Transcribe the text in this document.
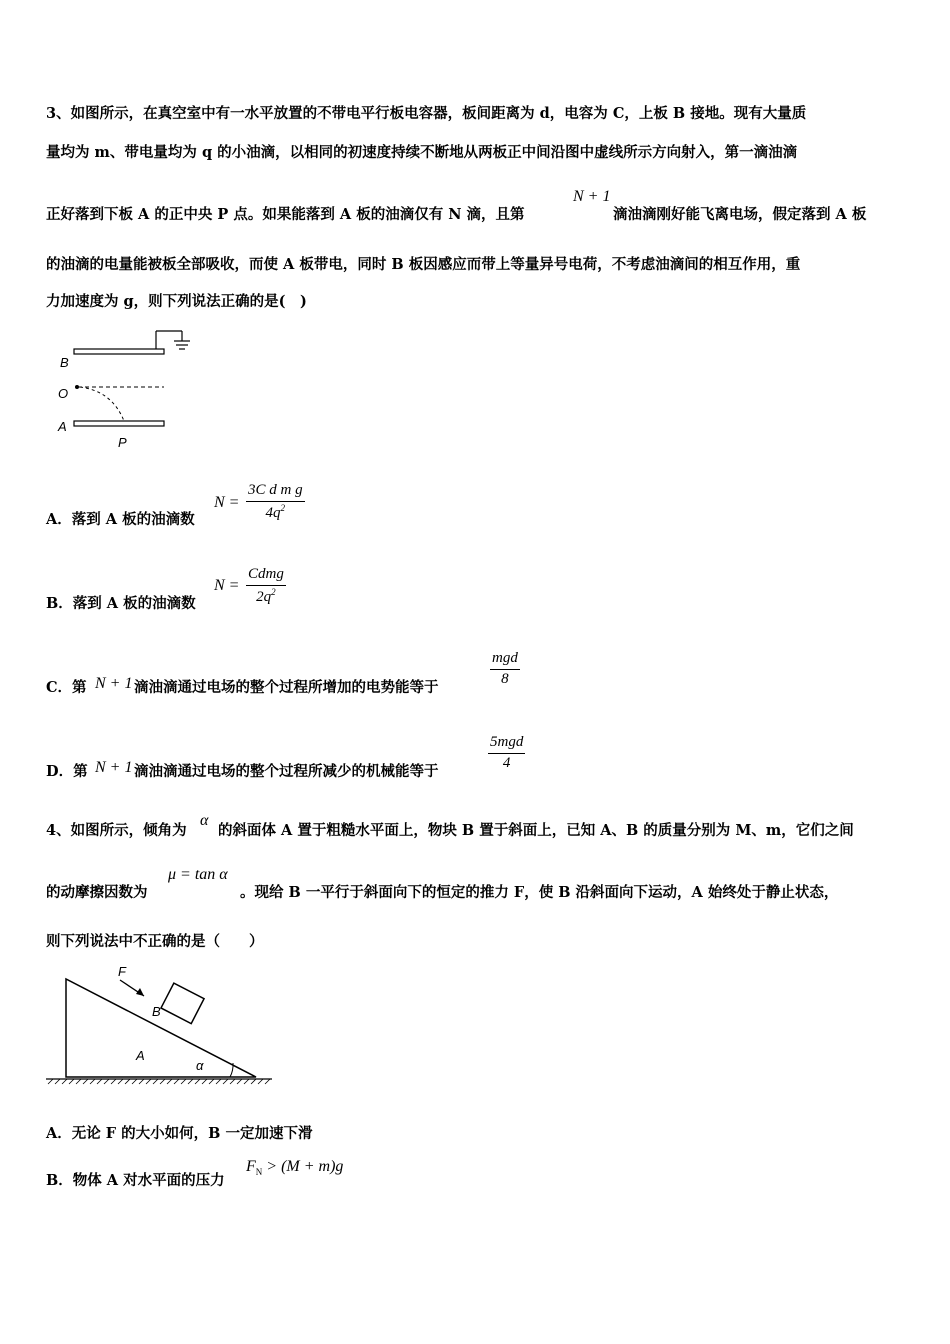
3、如图所示，在真空室中有一水平放置的不带电平行板电容器，板间距离为 d，电容为 C，上板 B 接地。现有大量质
量均为 m、带电量均为 q 的小油滴，以相同的初速度持续不断地从两板正中间沿图中虚线所示方向射入，第一滴油滴
正好落到下板 A 的正中央 P 点。如果能落到 A 板的油滴仅有 N 滴，且第
N + 1
滴油滴刚好能飞离电场，假定落到 A 板
的油滴的电量能被板全部吸收，而使 A 板带电，同时 B 板因感应而带上等量异号电荷，不考虑油滴间的相互作用，重
力加速度为 g，则下列说法正确的是(　)
B
O
A
P
A．落到 A 板的油滴数
$N = \frac{\text{3C d m g}}{4q^2}$
B．落到 A 板的油滴数
N =
Cdmg
$2q^2$
C．第 N + 1 滴油滴通过电场的整个过程所增加的电势能等于
mgd
8
D．第 N + 1 滴油滴通过电场的整个过程所减少的机械能等于
5mgd
4
4、如图所示，倾角为
α
的斜面体 A 置于粗糙水平面上，物块 B 置于斜面上，已知 A、B 的质量分别为 M、m，它们之间
的动摩擦因数为
μ = tan α
。现给 B 一平行于斜面向下的恒定的推力 F，使 B 沿斜面向下运动，A 始终处于静止状态，
则下列说法中不正确的是（　　）
F
B
A
α
A．无论 F 的大小如何，B 一定加速下滑
B．物体 A 对水平面的压力
$F_N > (M + m)g$
